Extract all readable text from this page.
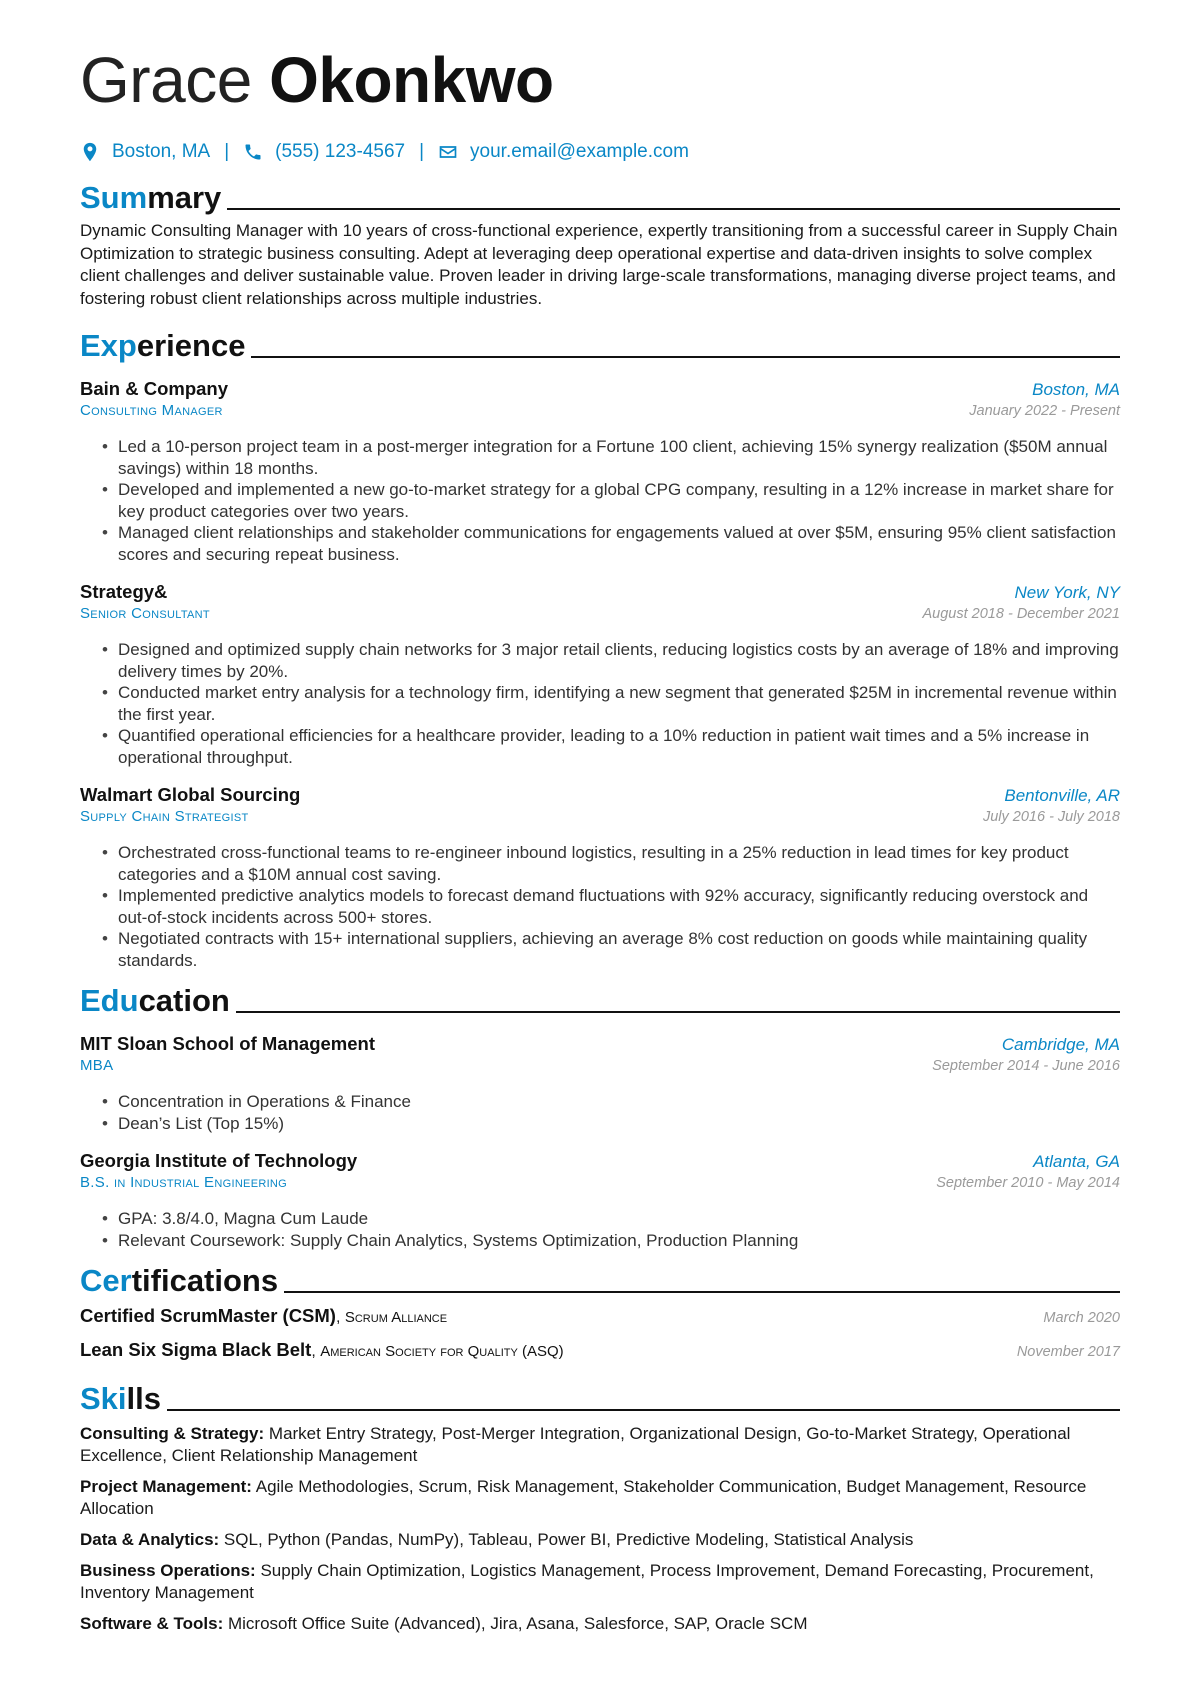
Grace Okonkwo
Boston, MA | (555) 123-4567 | your.email@example.com
Summary
Dynamic Consulting Manager with 10 years of cross-functional experience, expertly transitioning from a successful career in Supply Chain Optimization to strategic business consulting. Adept at leveraging deep operational expertise and data-driven insights to solve complex client challenges and deliver sustainable value. Proven leader in driving large-scale transformations, managing diverse project teams, and fostering robust client relationships across multiple industries.
Experience
Bain & Company	Boston, MA
Consulting Manager	January 2022 - Present
• Led a 10-person project team in a post-merger integration for a Fortune 100 client, achieving 15% synergy realization ($50M annual savings) within 18 months.
• Developed and implemented a new go-to-market strategy for a global CPG company, resulting in a 12% increase in market share for key product categories over two years.
• Managed client relationships and stakeholder communications for engagements valued at over $5M, ensuring 95% client satisfaction scores and securing repeat business.
Strategy&	New York, NY
Senior Consultant	August 2018 - December 2021
• Designed and optimized supply chain networks for 3 major retail clients, reducing logistics costs by an average of 18% and improving delivery times by 20%.
• Conducted market entry analysis for a technology firm, identifying a new segment that generated $25M in incremental revenue within the first year.
• Quantified operational efficiencies for a healthcare provider, leading to a 10% reduction in patient wait times and a 5% increase in operational throughput.
Walmart Global Sourcing	Bentonville, AR
Supply Chain Strategist	July 2016 - July 2018
• Orchestrated cross-functional teams to re-engineer inbound logistics, resulting in a 25% reduction in lead times for key product categories and a $10M annual cost saving.
• Implemented predictive analytics models to forecast demand fluctuations with 92% accuracy, significantly reducing overstock and out-of-stock incidents across 500+ stores.
• Negotiated contracts with 15+ international suppliers, achieving an average 8% cost reduction on goods while maintaining quality standards.
Education
MIT Sloan School of Management	Cambridge, MA
MBA	September 2014 - June 2016
• Concentration in Operations & Finance
• Dean’s List (Top 15%)
Georgia Institute of Technology	Atlanta, GA
B.S. in Industrial Engineering	September 2010 - May 2014
• GPA: 3.8/4.0, Magna Cum Laude
• Relevant Coursework: Supply Chain Analytics, Systems Optimization, Production Planning
Certifications
Certified ScrumMaster (CSM), Scrum Alliance	March 2020
Lean Six Sigma Black Belt, American Society for Quality (ASQ)	November 2017
Skills
Consulting & Strategy: Market Entry Strategy, Post-Merger Integration, Organizational Design, Go-to-Market Strategy, Operational Excellence, Client Relationship Management
Project Management: Agile Methodologies, Scrum, Risk Management, Stakeholder Communication, Budget Management, Resource Allocation
Data & Analytics: SQL, Python (Pandas, NumPy), Tableau, Power BI, Predictive Modeling, Statistical Analysis
Business Operations: Supply Chain Optimization, Logistics Management, Process Improvement, Demand Forecasting, Procurement, Inventory Management
Software & Tools: Microsoft Office Suite (Advanced), Jira, Asana, Salesforce, SAP, Oracle SCM
